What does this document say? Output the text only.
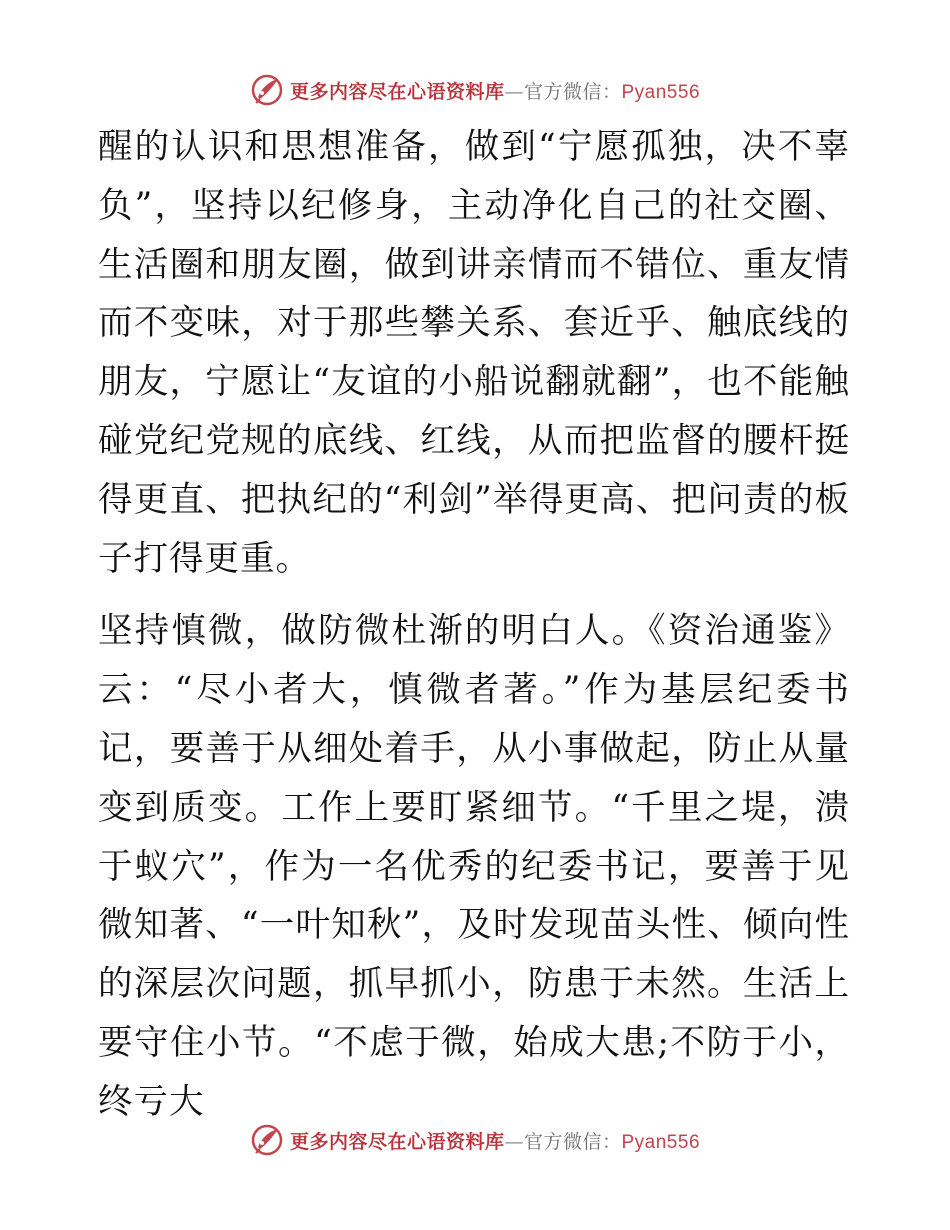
更多内容尽在心语资料库—官方微信：Pyan556

醒的认识和思想准备，做到“宁愿孤独，决不辜负”，坚持以纪修身，主动净化自己的社交圈、生活圈和朋友圈，做到讲亲情而不错位、重友情而不变味，对于那些攀关系、套近乎、触底线的朋友，宁愿让“友谊的小船说翻就翻”，也不能触碰党纪党规的底线、红线，从而把监督的腰杆挺得更直、把执纪的“利剑”举得更高、把问责的板子打得更重。

坚持慎微，做防微杜渐的明白人。《资治通鉴》云：“尽小者大，慎微者著。”作为基层纪委书记，要善于从细处着手，从小事做起，防止从量变到质变。工作上要盯紧细节。“千里之堤，溃于蚁穴”，作为一名优秀的纪委书记，要善于见微知著、“一叶知秋”，及时发现苗头性、倾向性的深层次问题，抓早抓小，防患于未然。生活上要守住小节。“不虑于微，始成大患;不防于小，终亏大

更多内容尽在心语资料库—官方微信：Pyan556
